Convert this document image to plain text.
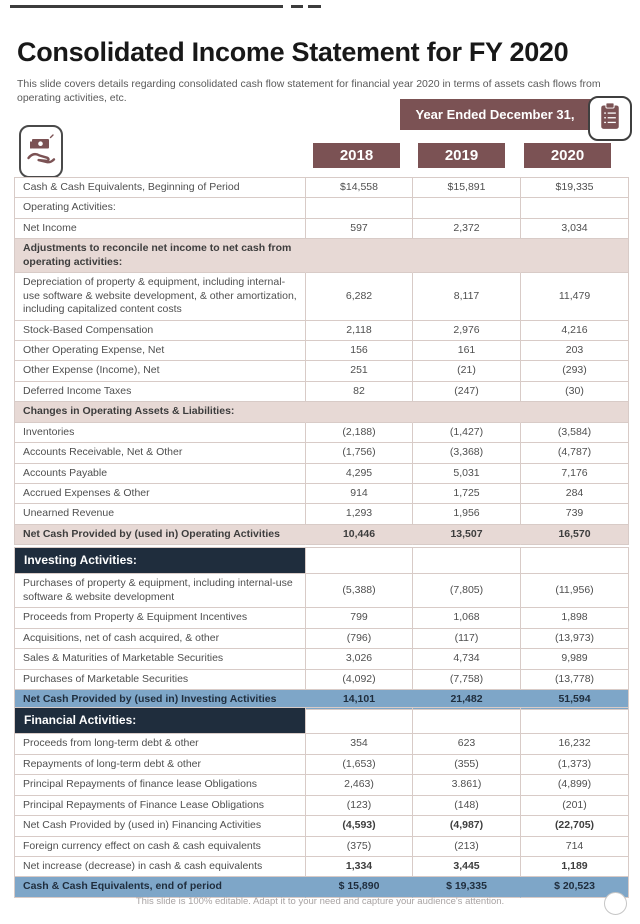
Consolidated Income Statement for FY 2020

This slide covers details regarding consolidated cash flow statement for financial year 2020 in terms of assets cash flows from operating activities, etc.

Year Ended December 31,
2018	2019	2020
Cash & Cash Equivalents, Beginning of Period	$14,558	$15,891	$19,335
Operating Activities:			
Net Income	597	2,372	3,034
Adjustments to reconcile net income to net cash from operating activities:			
Depreciation of property & equipment, including internal-use software & website development, & other amortization, including capitalized content costs	6,282	8,117	11,479
Stock-Based Compensation	2,118	2,976	4,216
Other Operating Expense, Net	156	161	203
Other Expense (Income), Net	251	(21)	(293)
Deferred Income Taxes	82	(247)	(30)
Changes in Operating Assets & Liabilities:			
Inventories	(2,188)	(1,427)	(3,584)
Accounts Receivable, Net & Other	(1,756)	(3,368)	(4,787)
Accounts Payable	4,295	5,031	7,176
Accrued Expenses & Other	914	1,725	284
Unearned Revenue	1,293	1,956	739
Net Cash Provided by (used in) Operating Activities	10,446	13,507	16,570
Investing Activities:			
Purchases of property & equipment, including internal-use software & website development	(5,388)	(7,805)	(11,956)
Proceeds from Property & Equipment Incentives	799	1,068	1,898
Acquisitions, net of cash acquired, & other	(796)	(117)	(13,973)
Sales & Maturities of Marketable Securities	3,026	4,734	9,989
Purchases of Marketable Securities	(4,092)	(7,758)	(13,778)
Net Cash Provided by (used in) Investing Activities	14,101	21,482	51,594
Financial Activities:			
Proceeds from long-term debt & other	354	623	16,232
Repayments of long-term debt & other	(1,653)	(355)	(1,373)
Principal Repayments of finance lease Obligations	2,463)	3.861)	(4,899)
Principal Repayments of Finance Lease Obligations	(123)	(148)	(201)
Net Cash Provided by (used in) Financing Activities	(4,593)	(4,987)	(22,705)
Foreign currency effect on cash & cash equivalents	(375)	(213)	714
Net increase (decrease) in cash & cash equivalents	1,334	3,445	1,189
Cash & Cash Equivalents, end of period	$ 15,890	$ 19,335	$ 20,523
This slide is 100% editable. Adapt it to your need and capture your audience's attention.
